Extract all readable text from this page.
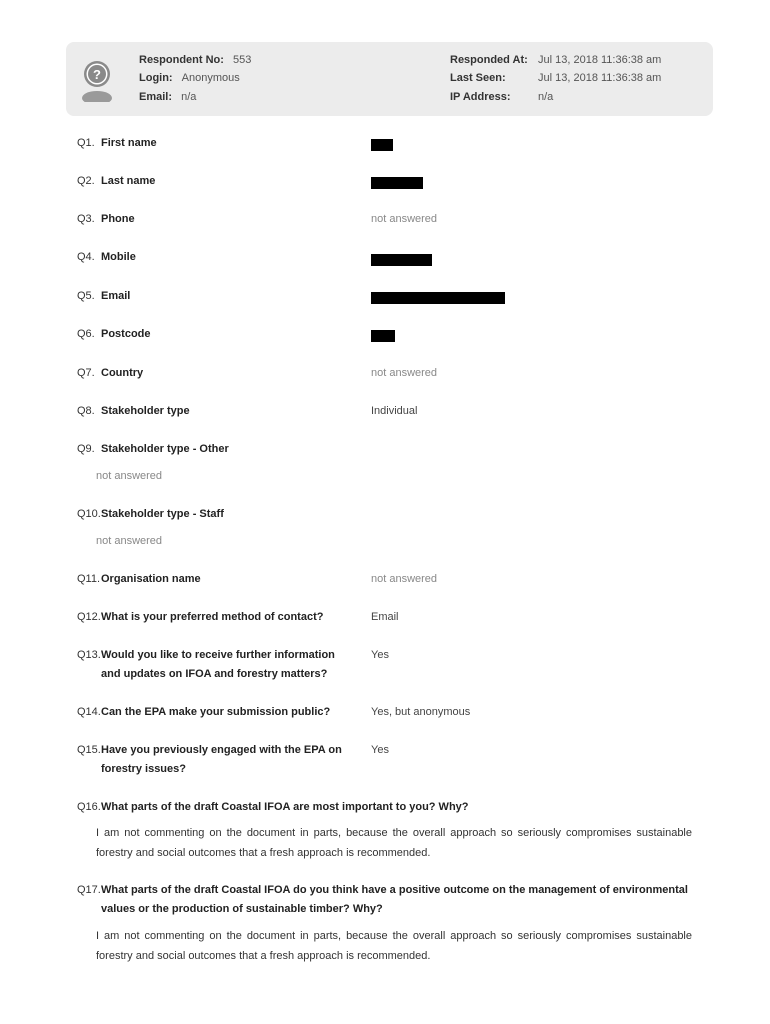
?
Respondent No: 553
Login: Anonymous
Email: n/a
Responded At: Jul 13, 2018 11:36:38 am
Last Seen:	Jul 13, 2018 11:36:38 am
IP Address: n/a
Q1. First name
Q2. Last name
Q3. Phone	not answered
Q4. Mobile
Q5. Email
Q6. Postcode
Q7. Country	not answered
Q8. Stakeholder type	Individual
Q9. Stakeholder type - Other
not answered
Q10. Stakeholder type - Staff
not answered
Q11. Organisation name	not answered
Q12. What is your preferred method of contact?	Email
Q13. Would you like to receive further information
and updates on IFOA and forestry matters?
Yes
Q14. Can the EPA make your submission public?	Yes, but anonymous
Q15. Have you previously engaged with the EPA on
forestry issues?
Yes
Q16. What parts of the draft Coastal IFOA are most important to you? Why?
I am not commenting on the document in parts, because the overall approach so seriously compromises sustainable forestry and social outcomes that a fresh approach is recommended.
Q17. What parts of the draft Coastal IFOA do you think have a positive outcome on the management of environmental
values or the production of sustainable timber? Why?
I am not commenting on the document in parts, because the overall approach so seriously compromises sustainable forestry and social outcomes that a fresh approach is recommended.
